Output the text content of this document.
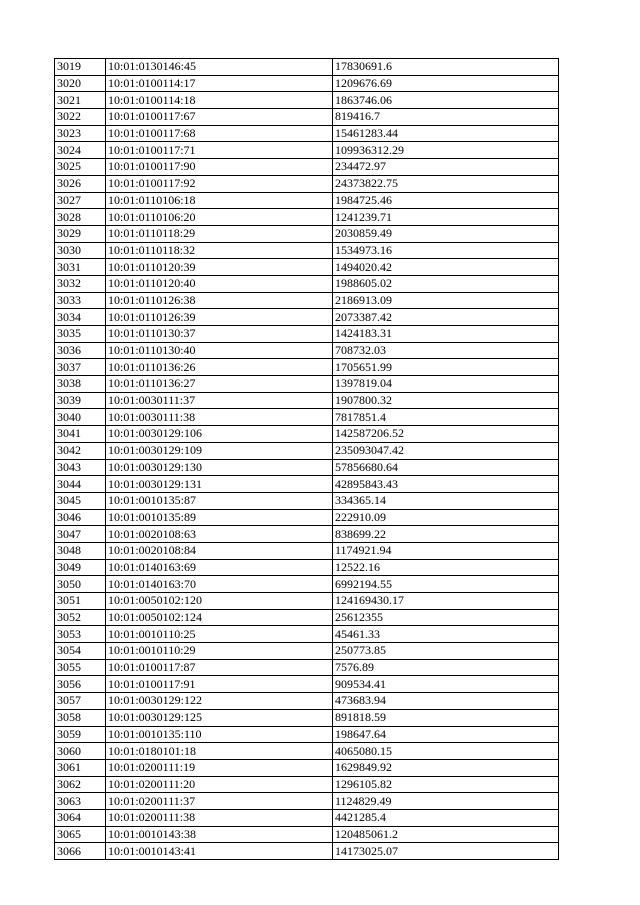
3019	10:01:0130146:45	17830691.6
3020	10:01:0100114:17	1209676.69
3021	10:01:0100114:18	1863746.06
3022	10:01:0100117:67	819416.7
3023	10:01:0100117:68	15461283.44
3024	10:01:0100117:71	109936312.29
3025	10:01:0100117:90	234472.97
3026	10:01:0100117:92	24373822.75
3027	10:01:0110106:18	1984725.46
3028	10:01:0110106:20	1241239.71
3029	10:01:0110118:29	2030859.49
3030	10:01:0110118:32	1534973.16
3031	10:01:0110120:39	1494020.42
3032	10:01:0110120:40	1988605.02
3033	10:01:0110126:38	2186913.09
3034	10:01:0110126:39	2073387.42
3035	10:01:0110130:37	1424183.31
3036	10:01:0110130:40	708732.03
3037	10:01:0110136:26	1705651.99
3038	10:01:0110136:27	1397819.04
3039	10:01:0030111:37	1907800.32
3040	10:01:0030111:38	7817851.4
3041	10:01:0030129:106	142587206.52
3042	10:01:0030129:109	235093047.42
3043	10:01:0030129:130	57856680.64
3044	10:01:0030129:131	42895843.43
3045	10:01:0010135:87	334365.14
3046	10:01:0010135:89	222910.09
3047	10:01:0020108:63	838699.22
3048	10:01:0020108:84	1174921.94
3049	10:01:0140163:69	12522.16
3050	10:01:0140163:70	6992194.55
3051	10:01:0050102:120	124169430.17
3052	10:01:0050102:124	25612355
3053	10:01:0010110:25	45461.33
3054	10:01:0010110:29	250773.85
3055	10:01:0100117:87	7576.89
3056	10:01:0100117:91	909534.41
3057	10:01:0030129:122	473683.94
3058	10:01:0030129:125	891818.59
3059	10:01:0010135:110	198647.64
3060	10:01:0180101:18	4065080.15
3061	10:01:0200111:19	1629849.92
3062	10:01:0200111:20	1296105.82
3063	10:01:0200111:37	1124829.49
3064	10:01:0200111:38	4421285.4
3065	10:01:0010143:38	120485061.2
3066	10:01:0010143:41	14173025.07
